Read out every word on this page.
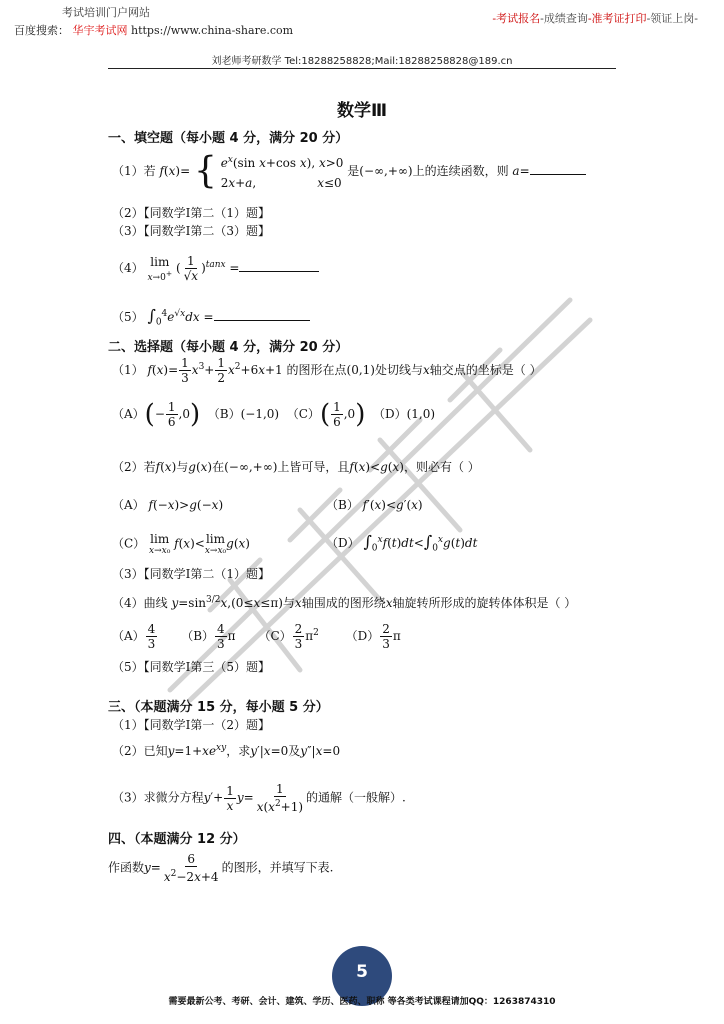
考试培训门户网站
百度搜索： 华宇考试网 https://www.china-share.com
-考试报名-成绩查询-准考证打印-领证上岗-
刘老师考研数学 Tel:18288258828;Mail:18288258828@189.cn
数学Ⅲ
一、填空题（每小题 4 分，满分 20 分）
（1）若 f(x)= { $e^x(\sin$ x+cos x), x>0
2x+a,                x≤0 是(−∞,+∞)上的连续函数，则 a=
（2）【同数学Ⅰ第二（1）题】
（3）【同数学Ⅰ第二（3）题】
（4） lim
x→0+ ( $\frac{1}{√x} )^{tanx}$ =
（5） $\int_0^4e^{√x}dx$ =
二、选择题（每小题 4 分，满分 20 分）
（1） $f(x)= \frac{1}{3} x^3+ \frac{1}{2} x^2+6x+1$ 的图形在点(0,1)处切线与x轴交点的坐标是（ ）
$(A)(- \frac{1}{6} ,0)$ （B）(−1,0)  $(C)( \frac{1}{6} ,0)$ （D）(1,0)
（2）若f(x)与g(x)在(−∞,+∞)上皆可导，且f(x)<g(x)，则必有（ ）
（A） f(−x)>g(−x)	（B） f′(x)<g′(x)
（C） lim
x→x₀
f(x)< lim
x→x₀
g(x)	（D） $\int_0^xf(t)dt<\int_0^xg(t)dt$
（3）【同数学Ⅰ第二（1）题】
（4）曲线 $y=\sin^{3/2}x,(0\le x\le\pi)$与x轴围成的图形绕x轴旋转所形成的旋转体体积是（ ）
$(A) \frac{4}{3} (B) \frac{4}{3}$ π      $(C) \frac{2}{3} \pi^2$ $(D) \frac{2}{3}$ π
（5）【同数学Ⅰ第三（5）题】
三、（本题满分 15 分，每小题 5 分）
（1）【同数学Ⅰ第一（2）题】
（2）已知$y=1+xe^{xy}$，求y′|x=0及y″|x=0
（3）求微分方程$y'+ \frac{1}{x} y= \frac{1}{x(x^2+1)}$ 的通解（一般解）.
四、（本题满分 12 分）
作函数$y= \frac{6}{x^2-2x+4}$ 的图形，并填写下表.
5
需要最新公考、考研、会计、建筑、学历、医药、职称 等各类考试课程请加QQ：1263874310
